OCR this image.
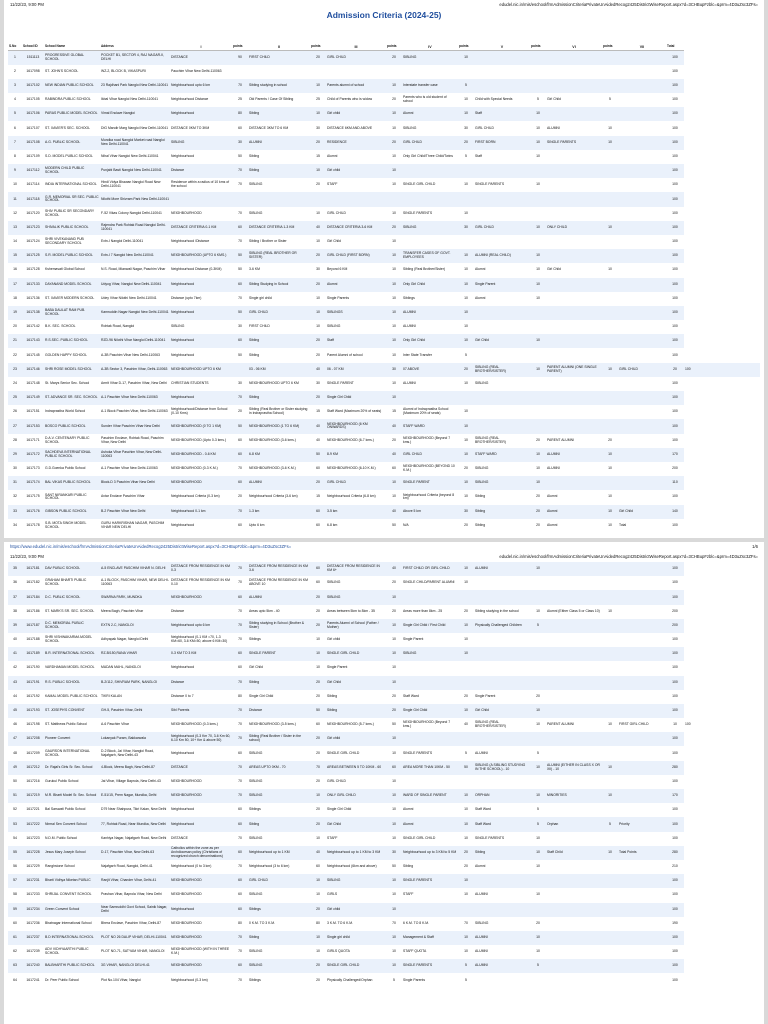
11/22/23, 9:00 PM	edudel.nic.in/mis/eschool/frmAdmissionCriteriaPrivateUnAidedRecog2425DistrictWiseReport.aspx?d=3CHBupFzblc=&prm=4D3uZsc3ZFs=
Admission Criteria (2024-25)
S.No	School ID	School Name	Address	I	points	II	points	III	points	IV	points	V	points	VI	points	VII	Total	
1	1511113	PROGRESSIVE GLOBAL SCHOOL	POCKET B1, SECTOR 4, RAJ NAGAR-II, DELHI	DISTANCE	90	FIRST CHILD	20	GIRL CHILD	20	SIBLING	10						100	
2	1617098	ST. JOHN'S SCHOOL	WZ-2, BLOCK B, VIKASPURI	Pauchim Vihar New Delhi-110063													100	
3	1617102	NEW INDIAN PUBLIC SCHOOL	23 Rajdhani Park Nangloi New Delhi-110041	Neighbourhood upto 6 km	70	Sibling studying in school	10	Parents alumni of school	10	Interstate transfer case	5						100	
4	1617105	RABINDRA PUBLIC SCHOOL	Ikbal Vihar Nangloi New Delhi-110041	Neighbourhood Distance	25	Old Parents / Case Of Sibling	25	Child of Parents who is widow	20	Parents who is old student of school	10	Child with Special Needs	5	Girl Child	5		100	
5	1617106	PARAS PUBLIC MODEL SCHOOL	Vimal Enclave Nangloi	Neighbourhood	80	Sibling	10	Girl child	10	Alumni	10	Staff	10				100	
6	1617107	ST. XAVIER'S SEC. SCHOOL	DIG Mandir Marg Nangloi New Delhi-110041	DISTANCE 0KM TO 3KM	60	DISTANCE 3KM TO 6 KM	30	DISTANCE 6KM AND ABOVE	10	SIBLING	30	GIRL CHILD	10	ALUMNI	10		100	
7	1617108	A.G. PUBLIC SCHOOL	Mundka road Nangloi Market road Nangloi New Delhi-110041	SIBLING	30	ALUMNI	20	RESIDENCE	20	GIRL CHILD	20	FIRST BORN	10	SINGLE PARENTS	10		100	
8	1617109	S.D. MODEL PUBLIC SCHOOL	Nihal Vihar Nangloi New Delhi-110041	Neighbourhood	50	Sibling	15	Alumni	10	Only Girl Child/Three Child/Twins	5	Staff	10				100	
9	1617112	MODERN CHILD PUBLIC SCHOOL	Punjabi Basti Nangloi New Delhi-110041	Distance	70	Sibling	10	Girl child	10								100	
10	1617114	INDIA INTERNATIONAL SCHOOL	Hindi Vidya Bhawan Nangloi Road New Delhi-110041	Residence within a radius of 10 kms of the school	70	SIBLING	20	STAFF	10	SINGLE GIRL CHILD	10	SINGLE PARENTS	10				100	
11	1617118	G.R. MEMORIAL SR SEC. PUBLIC SCHOOL	Nilothi More Shivram Park New Delhi-110041														100	
12	1617120	SHIV PUBLIC SR SECONDARY SCHOOL	F-52 Vikas Colony Nangloi Delhi-110041	NEIGHBOURHOOD	70	SIBLING	10	GIRL CHILD	10	SINGLE PARENTS	10						100	
13	1617123	SHIVALIK PUBLIC SCHOOL	Rajendra Park Rohtak Road Nangloi Delhi-110041	DISTANCE CRITERIA 0-1 KM	60	DISTANCE CRITERIA 1-3 KM	40	DISTANCE CRITERIA 3-6 KM	20	SIBLING	30	GIRL CHILD	10	ONLY CHILD	10		100	
14	1617124	SHRI VIVEKANAND PUB SECONDARY SCHOOL	Extn-I Nangloi Delhi-110041	Neighbourhood /Distance	70	Sibling / Brother or Sister	10	Girl Child	10								100	
15	1617125	S.R. MODEL PUBLIC SCHOOL	Extn-I 7 Nangloi New Delhi-110041	NEIGHBOURHOOD (UPTO 6 KMS.)	50	SIBLING (REAL BROTHER OR SISTER)	20	GIRL CHILD (FIRST BORN)	10	TRANSFER CASES OF GOVT. EMPLOYEES	10	ALUMNI (REAL CHILD)	10				100	
16	1617128	Kshemavati Global School	N.S. Road, Mianwali Nagar, Paschim Vihar	Neighbourhood Distance (0-3KM)	50	3-6 KM	30	Beyond 6 KM	10	Sibling (Real Brother/Sister)	10	Alumni	10	Girl Child	10		100	
17	1617133	DAYANAND MODEL SCHOOL	Udyog Vihar, Nangloi New Delhi-110041	Neighbourhood	60	Sibling Studying in School	20	Alumni	10	Only Girl Child	10	Single Parent	10				100	
18	1617136	ST. XAVIER MODERN SCHOOL	Udey Vihar Nilothi New Delhi-110041	Distance (upto 7km)	70	Single girl child	10	Single Parents	10	Siblings	10	Alumni	10				100	
19	1617138	BABA DAULAT RAM PUB. SCHOOL	Kamruddin Nagar Nangloi New Delhi-110041	Neighbourhood	50	GIRL CHILD	10	SIBLINGS	10	ALUMNI	10						100	
20	1617142	B.K. SEC. SCHOOL	Rohtak Road, Nangloi	SIBLING	30	FIRST CHILD	10	SIBLING	10	ALUMNI	10						100	
21	1617143	R.S.SEC. PUBLIC SCHOOL	RZD-96 Nilothi Vihar Nangloi Delhi-110041	Neighbourhood	60	Sibling	20	Staff	10	Only Girl Child	10	Girl Child	10				100	
22	1617145	GOLDEN HAPPY SCHOOL	A-3B Paschim Vihar New Delhi-110063	Neighbourhood	50	Sibling	20	Parent Alumni of school	10	Inter State Transfer	5						100	
23	1617146	SHRI ROSE MODEL SCHOOL	A-3B Sector 3, Paschim Vihar, Delhi-110063	NEIGHBOURHOOD UPTO 6 KM		03 - 06 KM	40	06 - 07 KM	30	07 ABOVE	20	SIBLING (REAL BROTHER/SISTER)	10	PARENT ALUMNI (ONE SINGLE PARENT)	10	GIRL CHILD	20	100
24	1617148	St. Marys Senior Sec. School	Amrit Vihar D-17, Paschim Vihar, New Delhi	CHRISTIAN STUDENTS	30	NEIGHBOURHOOD UPTO 6 KM	30	SINGLE PARENT	10	ALUMNI	10	SIBLING					100	
25	1617149	ST. ADVANCE SR. SEC. SCHOOL	A-1 Paschim Vihar New Delhi-110063	Neighbourhood	70	Sibling	20	Single Girl Child	10								100	
26	1617151	Indraprastha World School	A-1 Block Paschim Vihar, New Delhi-110063	Neighbourhood/Distance from School (0-10 Kms)	20	Sibling (Real Brother or Sister studying in Indraprastha School)	15	Staff Ward (Maximum 20% of seats)	15	Alumni of Indraprastha School (Maximum 20% of seats)	10						100	
27	1617153	BOSCO PUBLIC SCHOOL	Sunder Vihar Paschim Vihar New Delhi	NEIGHBOURHOOD (0 TO 1 KM)	50	NEIGHBOURHOOD (1 TO 6 KM)	40	NEIGHBOURHOOD (6 KM ONWARDS)	40	STAFF WARD	10						100	
28	1617171	D.A.V. CENTENARY PUBLIC SCHOOL	Paschim Enclave, Rohtak Road, Paschim Vihar, New Delhi	NEIGHBOURHOOD (Upto 0-3 kms.)	60	NEIGHBOURHOOD (3-6 kms.)	40	NEIGHBOURHOOD (6-7 kms.)	20	NEIGHBOURHOOD (Beyond 7 kms.)	10	SIBLING (REAL BROTHER/SISTER)	20	PARENT ALUMNI	20		100	
29	1617172	SACHDEVA INTERNATIONAL PUBLIC SCHOOL	Ashoka Vihar Paschim Vihar, New Delhi-110063	NEIGHBOURHOOD - 0-6 KM	60	6-8 KM	50	8-9 KM	40	GIRL CHILD	10	STAFF WARD	10	ALUMNI	10		170	
30	1617173	G.D.Goenka Public School	A-1 Paschim Vihar New Delhi-110063	NEIGHBOURHOOD (0-3 K.M.)	70	NEIGHBOURHOOD (3-6 K.M.)	60	NEIGHBOURHOOD (6-10 K.M.)	60	NEIGHBOURHOOD (BEYOND 10 K.M.)	20	SIBLING	10	ALUMNI	10		200	
31	1617174	BAL VIKAS PUBLIC SCHOOL	Block-D 3 Paschim Vihar New Delhi	NEIGHBOURHOOD	60	ALUMNI	20	GIRL CHILD	10	SINGLE PARENT	10	SIBLING	10				110	
32	1617175	SANT NIRANKARI PUBLIC SCHOOL	Avtar Enclave Paschim Vihar	Neighbourhood Criteria (0-3 km)	20	Neighbourhood Criteria (3-6 km)	15	Neighbourhood Criteria (6-8 km)	10	Neighbourhood Criteria (beyond 8 km)	10	Sibling	20	Alumni	10		100	
33	1617176	GIBSON PUBLIC SCHOOL	B-2 Paschim Vihar New Delhi	Neighbourhood 0-1 km	70	1-3 km	60	3-5 km	40	Above 5 km	30	Sibling	20	Alumni	10	Girl Child	140	
34	1617178	S.B. MOTA SINGH MODEL SCHOOL	GURU HARKRISHAN NAGAR, PASCHIM VIHAR NEW DELHI	Neighbourhood	60	Upto 6 km	60	6-8 km	50	N/A	20	Sibling	20	Alumni	10	Total	100	
https://www.edudel.nic.in/mis/eschool/frmAdmissionCriteriaPrivateUnAidedRecog2425DistrictWiseReport.aspx?d=3CHBupFzblc=&prm=4D3uZsc3ZFs=	1/6
11/22/23, 9:00 PM	edudel.nic.in/mis/eschool/frmAdmissionCriteriaPrivateUnAidedRecog2425DistrictWiseReport.aspx?d=3CHBupFzblc=&prm=4D3uZsc3ZFs=
35	1617181	DAV PUBLIC SCHOOL	A-5 ENCLAVE PASCHIM VIHAR N. DELHI	DISTANCE FROM RESIDENCE IN KM 0-3	70	DISTANCE FROM RESIDENCE IN KM 3-6	60	DISTANCE FROM RESIDENCE IN KM 6+	40	FIRST CHILD OR GIRL CHILD	10	ALUMNI	10				100	
36	1617182	GRAHAM BHARTI PUBLIC SCHOOL	A-1 BLOCK, PASCHIM VIHAR, NEW DELHI-110063	DISTANCE FROM RESIDENCE IN KM 0-10	70	DISTANCE FROM RESIDENCE IN KM ABOVE 10	60	SIBLING	20	SINGLE CHILD/PARENT ALUMNI	10						100	
37	1617184	D.C. PUBLIC SCHOOL	SWARNA PARK, MUNDKA	NEIGHBOURHOOD	60	ALUMNI	20	SIBLING	10								100	
38	1617186	ST. MARK'S SR. SEC. SCHOOL	Meera Bagh, Paschim Vihar	Distance	70	Areas upto 5km - 40	20	Areas between 5km to 8km - 35	20	Areas more than 8km - 25	20	Sibling studying in the school	10	Alumni (Either Class 5 or Class 10)	10		200	
39	1617187	D.C. MEMORIAL PUBLIC SCHOOL	EXTN 2-C, NANGLOI	Neighbourhood upto 6 km	70	Sibling studying in School (Brother & Sister)	20	Parents Alumni of School (Father / Mother)	10	Single Girl Child / First Child	10	Physically Challenged Children	5				200	
40	1617188	SHRI VISHWAKARMA MODEL SCHOOL	Adhyapak Nagar, Nangloi Delhi	Neighbourhood (0-1 KM =70, 1-3 KM=60, 3-6 KM=50, above 6 KM=30)	70	Siblings	10	Girl child	10	Single Parent	10						100	
41	1617189	B.R. INTERNATIONAL SCHOOL	RZ-B/150,RANA VIHAR	0-3 KM TO 3 KM	60	SINGLE PARENT	10	SINGLE GIRL CHILD	10	SIBLING	10						100	
42	1617190	VARDHAMAN MODEL SCHOOL	MADAN MAHL, NANGLOI	Neighbourhood	60	Girl Child	10	Single Parent	10								100	
43	1617191	R.S. PUBLIC SCHOOL	B-2/112, SHIVRAM PARK, NANGLOI	Distance	70	Sibling	20	Girl Child	10								100	
44	1617192	KAMAL MODEL PUBLIC SCHOOL	TIKRI KALAN	Distance 0 to 7	80	Single Girl Child	20	Sibling	20	Staff Ward	20	Single Parent	20				100	
45	1617193	ST. JOSEPH'S CONVENT	GH-5, Paschim Vihar, Delhi	Sibl Parents	70	Distance	50	Sibling	20	Single Girl Child	10	Girl Child	10				100	
46	1617198	ST. Matthews Public School	A-6 Paschim Vihar	NEIGHBOURHOOD (0-3 kms.)	70	NEIGHBOURHOOD (3-5 kms.)	60	NEIGHBOURHOOD (5-7 kms.)	50	NEIGHBOURHOOD (Beyond 7 kms.)	40	SIBLING (REAL BROTHER/SISTER)	10	PARENT ALUMNI	10	FIRST GIRL CHILD	10	100
47	1617208	Pioneer Convent	Lokanyak Puram, Bakkarwala	Neighbourhood (0-3 Km 70, 3-6 Km 60, 6-10 Km 50, 10+ Km & above 50)	70	Sibling (Real Brother / Sister in the school)	20	Girl child	10								100	
48	1617209	GAURSON INTERNATIONAL SCHOOL	D-2 Block, Jai Vihar, Nangloi Road, Najafgarh, New Delhi-43	Neighbourhood	60	SIBLING	20	SINGLE GIRL CHILD	10	SINGLE PARENTS	5	ALUMNI	5				100	
49	1617212	Dr. Rajal's Girls Sr. Sec. School	4-Block, Meera Bagh, New Delhi-87	DISTANCE	70	AREAS UPTO 0KM - 70	70	AREAS BETWEEN 5 TO 10KM - 60	60	AREA MORE THAN 10KM - 50	50	SIBLING (A SIBLING STUDYING IN THE SCHOOL) - 10	10	ALUMNI (EITHER IN CLASS X OR XII) - 10	10		280	
50	1617216	Gurukul Public School	Jai Vihar, Village Baprola, New Delhi-43	NEIGHBOURHOOD	70	SIBLING	20	GIRL CHILD	10								100	
51	1617219	M.R. Bharti Model Sr. Sec. School	E-51/15, Prem Nagar, Mundka, Delhi	NEIGHBOURHOOD	70	SIBLING	10	ONLY GIRL CHILD	10	WARD OF SINGLE PARENT	10	ORPHAN	10	MINORITIES	10		170	
52	1617221	Bal Sarswati Public School	D79 Near Shahpura, Tikri Kalan, New Delhi	Neighbourhood	60	Siblings	20	Single Girl Child	10	Alumni	10	Staff Ward	5				100	
53	1617222	Nirmal Sen Convent School	77, Rohtak Road, Near Mundka, New Delhi	Neighbourhood	60	Sibling	20	Girl Child	10	Alumni	10	Staff Ward	5	Orphan	5	Priority	100	
54	1617223	N.D.M. Public School	Kanhiya Nagar, Najafgarh Road, New Delhi	DISTANCE	70	SIBLING	10	STAFF	10	SINGLE GIRL CHILD	10	SINGLE PARENTS	10				100	
55	1617228	Jesus Mary Joseph School	D-17, Paschim Vihar, New Delhi-63	Catholics within the zone as per Archdiocesan policy (Christians of recognized church denominations)	60	Neighbourhood up to 1 KM	40	Neighbourhood up to 1 KM to 3 KM	30	Neighbourhood up to 3 KM to 5 KM	20	Sibling	10	Staff Child	10	Total Points	280	
56	1617229	Ranghstone School	Najafgarh Road, Nangloi, Delhi-41	Neighbourhood (0 to 3 km)	70	Neighbourhood (3 to 6 km)	60	Neighbourhood (6km and above)	50	Sibling	20	Alumni	10				210	
57	1617231	Bharti Vidhya Niketan PUBLIC	Ranjit Vihar, Chander Vihar, Delhi-41	NEIGHBOURHOOD	60	GIRL CHILD	10	SIBLING	10	SINGLE PARENTS	10						100	
58	1617233	SHRIJAL CONVENT SCHOOL	Prashan Vihar, Baprola Vihar, New Delhi	NEIGHBOURHOOD	60	SIBLING	10	GIRLS	10	STAFF	10	ALUMNI	10				100	
59	1617234	Green Convent School	Near Samruddhi Govt School, Sainik Nagar, Delhi	Neighbourhood	60	Siblings	20	Girl child	10								100	
60	1617236	Bhatnagar International School	Bhera Enclave, Paschim Vihar, Delhi-87	NEIGHBOURHOOD	80	0 K.M. TO 3 K.M.	80	3 K.M. TO 6 K.M.	70	6 K.M. TO 8 K.M.	70	SIBLING	20				190	
61	1617237	B.D INTERNATIONAL SCHOOL	PLOT NO 26 DALIP VIHAR, DELHI-110041	NEIGHBOURHOOD	70	Sibling	10	Single girl child	10	Management & Staff	10	ALUMNI	10				100	
62	1617239	ADV VIDHYAARTHI PUBLIC SCHOOL	PLOT NO-71, SATYAM VIHAR, NANGLOI	NEIGHBOURHOOD (WITH IN THREE K.M.)	70	SIBLING	10	GIRLS QUOTA	10	STAFF QUOTA	10	ALUMNI	10				100	
63	1617240	BALBHARTHI PUBLIC SCHOOL	3G VIHAR, NANGLOI DELHI-41	NEIGHBOURHOOD	60	SIBLING	20	SINGLE GIRL CHILD	10	SINGLE PARENTS	5	ALUMNI	5				100	
64	1617241	Dr. Peer Public School	Plot No.104 Vihar, Nangloi	Neighbourhood (0-3 km)	70	Siblings	20	Physically Challenged/Orphan	5	Single Parents	5						100	
